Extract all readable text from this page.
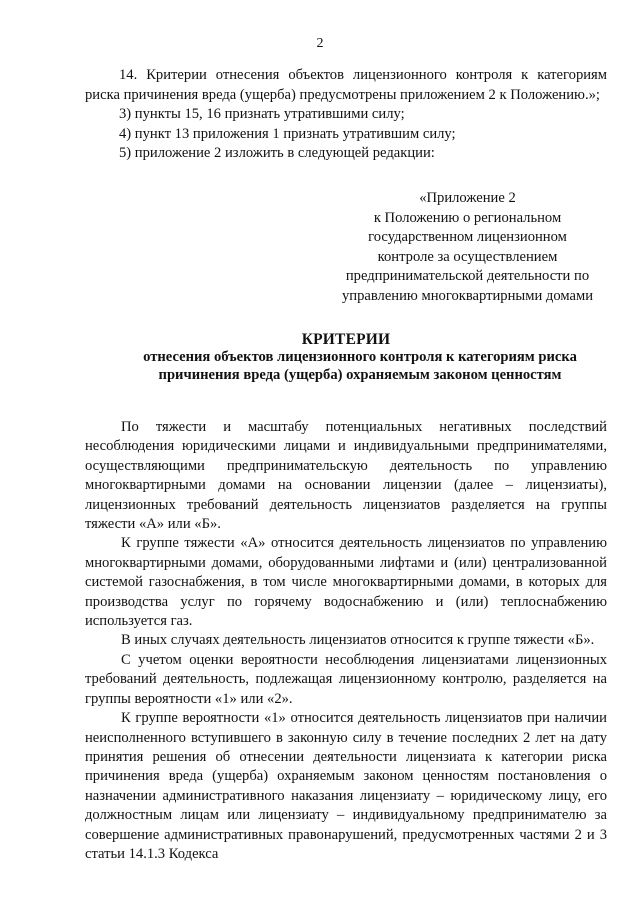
2

14. Критерии отнесения объектов лицензионного контроля к категориям риска причинения вреда (ущерба) предусмотрены приложением 2 к Положению.»;

3) пункты 15, 16 признать утратившими силу;

4) пункт 13 приложения 1 признать утратившим силу;

5) приложение 2 изложить в следующей редакции:

«Приложение 2
к Положению о региональном
государственном лицензионном
контроле за осуществлением
предпринимательской деятельности по
управлению многоквартирными домами
КРИТЕРИИ
отнесения объектов лицензионного контроля к категориям риска
причинения вреда (ущерба) охраняемым законом ценностям

По тяжести и масштабу потенциальных негативных последствий несоблюдения юридическими лицами и индивидуальными предпринимателями, осуществляющими предпринимательскую деятельность по управлению многоквартирными домами на основании лицензии (далее – лицензиаты), лицензионных требований деятельность лицензиатов разделяется на группы тяжести «А» или «Б».

К группе тяжести «А» относится деятельность лицензиатов по управлению многоквартирными домами, оборудованными лифтами и (или) централизованной системой газоснабжения, в том числе многоквартирными домами, в которых для производства услуг по горячему водоснабжению и (или) теплоснабжению используется газ.

В иных случаях деятельность лицензиатов относится к группе тяжести «Б».

С учетом оценки вероятности несоблюдения лицензиатами лицензионных требований деятельность, подлежащая лицензионному контролю, разделяется на группы вероятности «1» или «2».

К группе вероятности «1» относится деятельность лицензиатов при наличии неисполненного вступившего в законную силу в течение последних 2 лет на дату принятия решения об отнесении деятельности лицензиата к категории риска причинения вреда (ущерба) охраняемым законом ценностям постановления о назначении административного наказания лицензиату – юридическому лицу, его должностным лицам или лицензиату – индивидуальному предпринимателю за совершение административных правонарушений, предусмотренных частями 2 и 3 статьи 14.1.3 Кодекса
